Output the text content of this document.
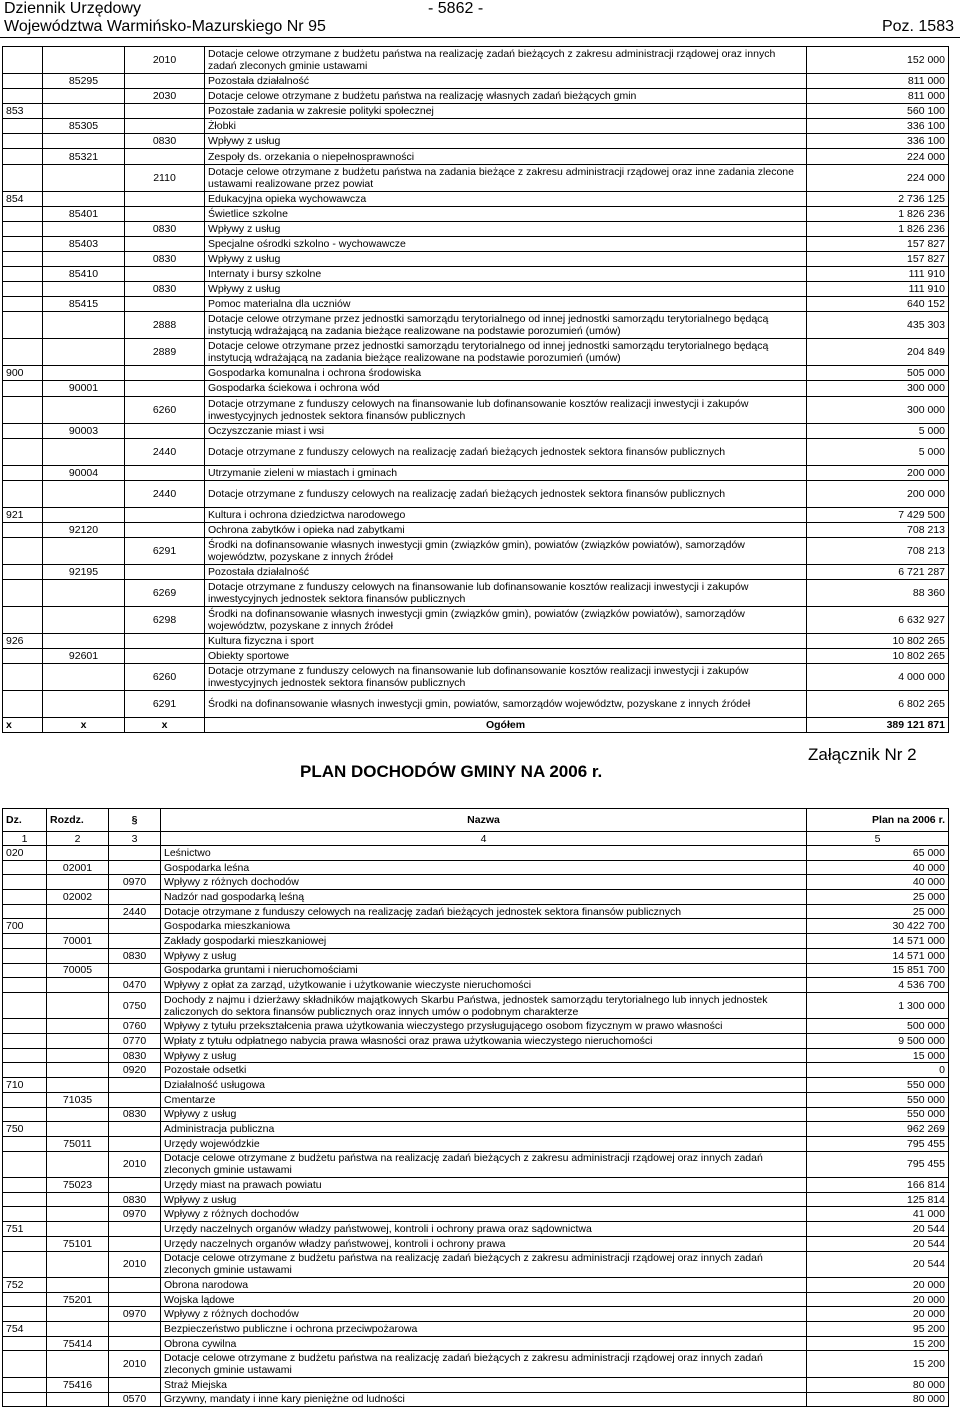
Dziennik Urzędowy	- 5862 -
Województwa Warmińsko-Mazurskiego Nr 95	Poz. 1583
		2010	Dotacje celowe otrzymane z budżetu państwa na realizację zadań bieżących z zakresu administracji rządowej oraz innych zadań zleconych gminie ustawami	152 000
	85295		Pozostała działalność	811 000
		2030	Dotacje celowe otrzymane z budżetu państwa na realizację własnych zadań bieżących gmin	811 000
853			Pozostałe zadania w zakresie polityki społecznej	560 100
	85305		Żłobki	336 100
		0830	Wpływy z usług	336 100
	85321		Zespoły ds. orzekania o niepełnosprawności	224 000
		2110	Dotacje celowe otrzymane z budżetu państwa na zadania bieżące z zakresu administracji rządowej oraz inne zadania zlecone ustawami realizowane przez powiat	224 000
854			Edukacyjna opieka wychowawcza	2 736 125
	85401		Świetlice szkolne	1 826 236
		0830	Wpływy z usług	1 826 236
	85403		Specjalne ośrodki szkolno - wychowawcze	157 827
		0830	Wpływy z usług	157 827
	85410		Internaty i bursy szkolne	111 910
		0830	Wpływy z usług	111 910
	85415		Pomoc materialna dla uczniów	640 152
		2888	Dotacje celowe otrzymane przez jednostki samorządu terytorialnego od innej jednostki samorządu terytorialnego będącą instytucją wdrażającą na zadania bieżące realizowane na podstawie porozumień (umów)	435 303
		2889	Dotacje celowe otrzymane przez jednostki samorządu terytorialnego od innej jednostki samorządu terytorialnego będącą instytucją wdrażającą na zadania bieżące realizowane na podstawie porozumień (umów)	204 849
900			Gospodarka komunalna i ochrona środowiska	505 000
	90001		Gospodarka ściekowa i ochrona wód	300 000
		6260	Dotacje otrzymane z funduszy celowych na finansowanie lub dofinansowanie kosztów realizacji inwestycji i zakupów inwestycyjnych jednostek sektora finansów publicznych	300 000
	90003		Oczyszczanie miast i wsi	5 000
		2440	Dotacje otrzymane z funduszy celowych na realizację zadań bieżących jednostek sektora finansów publicznych	5 000
	90004		Utrzymanie zieleni w miastach i gminach	200 000
		2440	Dotacje otrzymane z funduszy celowych na realizację zadań bieżących jednostek sektora finansów publicznych	200 000
921			Kultura i ochrona dziedzictwa narodowego	7 429 500
	92120		Ochrona zabytków i opieka nad zabytkami	708 213
		6291	Środki na dofinansowanie własnych inwestycji gmin (związków gmin), powiatów (związków powiatów), samorządów województw, pozyskane z innych źródeł	708 213
	92195		Pozostała działalność	6 721 287
		6269	Dotacje otrzymane z funduszy celowych na finansowanie lub dofinansowanie kosztów realizacji inwestycji i zakupów inwestycyjnych jednostek sektora finansów publicznych	88 360
		6298	Środki na dofinansowanie własnych inwestycji gmin (związków gmin), powiatów (związków powiatów), samorządów województw, pozyskane z innych źródeł	6 632 927
926			Kultura fizyczna i sport	10 802 265
	92601		Obiekty sportowe	10 802 265
		6260	Dotacje otrzymane z funduszy celowych na finansowanie lub dofinansowanie kosztów realizacji inwestycji i zakupów inwestycyjnych jednostek sektora finansów publicznych	4 000 000
		6291	Środki na dofinansowanie własnych inwestycji gmin, powiatów, samorządów województw, pozyskane z innych źródeł	6 802 265
x	x	x	Ogółem	389 121 871
PLAN DOCHODÓW GMINY NA 2006 r.
Załącznik Nr 2
Dz.	Rozdz.	§	Nazwa	Plan na 2006 r.
1	2	3	4	5
020			Leśnictwo	65 000
	02001		Gospodarka leśna	40 000
		0970	Wpływy z różnych dochodów	40 000
	02002		Nadzór nad gospodarką leśną	25 000
		2440	Dotacje otrzymane z funduszy celowych na realizację zadań bieżących jednostek sektora finansów publicznych	25 000
700			Gospodarka mieszkaniowa	30 422 700
	70001		Zakłady gospodarki mieszkaniowej	14 571 000
		0830	Wpływy z usług	14 571 000
	70005		Gospodarka gruntami i nieruchomościami	15 851 700
		0470	Wpływy z opłat za zarząd, użytkowanie i użytkowanie wieczyste nieruchomości	4 536 700
		0750	Dochody z najmu i dzierżawy składników majątkowych Skarbu Państwa, jednostek samorządu terytorialnego lub innych jednostek zaliczonych do sektora finansów publicznych oraz innych umów o podobnym charakterze	1 300 000
		0760	Wpływy z tytułu przekształcenia prawa użytkowania wieczystego przysługującego osobom fizycznym w prawo własności	500 000
		0770	Wpłaty z tytułu odpłatnego nabycia prawa własności oraz prawa użytkowania wieczystego nieruchomości	9 500 000
		0830	Wpływy z usług	15 000
		0920	Pozostałe odsetki	0
710			Działalność usługowa	550 000
	71035		Cmentarze	550 000
		0830	Wpływy z usług	550 000
750			Administracja publiczna	962 269
	75011		Urzędy wojewódzkie	795 455
		2010	Dotacje celowe otrzymane z budżetu państwa na realizację zadań bieżących z zakresu administracji rządowej oraz innych zadań zleconych gminie ustawami	795 455
	75023		Urzędy miast na prawach powiatu	166 814
		0830	Wpływy z usług	125 814
		0970	Wpływy z różnych dochodów	41 000
751			Urzędy naczelnych organów władzy państwowej, kontroli i ochrony prawa oraz sądownictwa	20 544
	75101		Urzędy naczelnych organów władzy państwowej, kontroli i ochrony prawa	20 544
		2010	Dotacje celowe otrzymane z budżetu państwa na realizację zadań bieżących z zakresu administracji rządowej oraz innych zadań zleconych gminie ustawami	20 544
752			Obrona narodowa	20 000
	75201		Wojska lądowe	20 000
		0970	Wpływy z różnych dochodów	20 000
754			Bezpieczeństwo publiczne i ochrona przeciwpożarowa	95 200
	75414		Obrona cywilna	15 200
		2010	Dotacje celowe otrzymane z budżetu państwa na realizację zadań bieżących z zakresu administracji rządowej oraz innych zadań zleconych gminie ustawami	15 200
	75416		Straż Miejska	80 000
		0570	Grzywny, mandaty i inne kary pieniężne od ludności	80 000
